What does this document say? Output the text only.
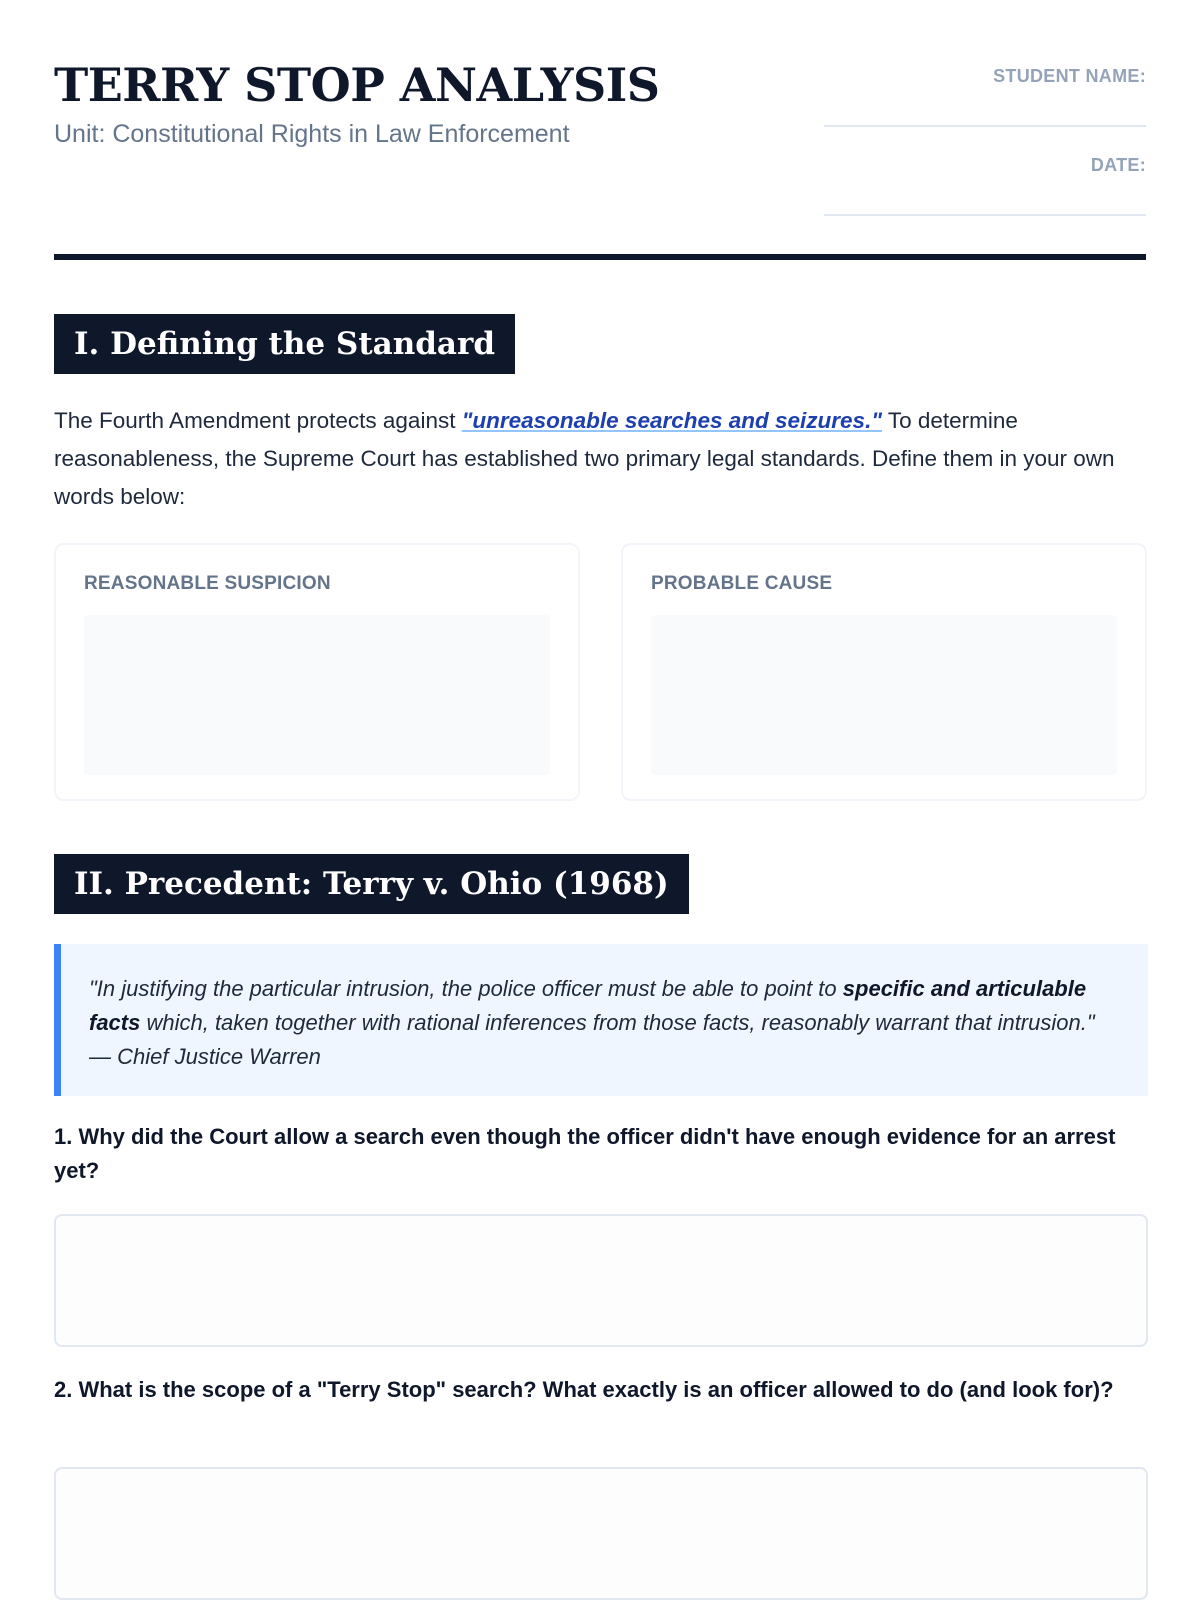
TERRY STOP ANALYSIS
Unit: Constitutional Rights in Law Enforcement
STUDENT NAME:
DATE:
I. Defining the Standard

The Fourth Amendment protects against "unreasonable searches and seizures." To determine reasonableness, the Supreme Court has established two primary legal standards. Define them in your own words below:

REASONABLE SUSPICION	PROBABLE CAUSE
II. Precedent: Terry v. Ohio (1968)
"In justifying the particular intrusion, the police officer must be able to point to specific and articulable facts which, taken together with rational inferences from those facts, reasonably warrant that intrusion." — Chief Justice Warren
1. Why did the Court allow a search even though the officer didn't have enough evidence for an arrest yet?
2. What is the scope of a "Terry Stop" search? What exactly is an officer allowed to do (and look for)?
